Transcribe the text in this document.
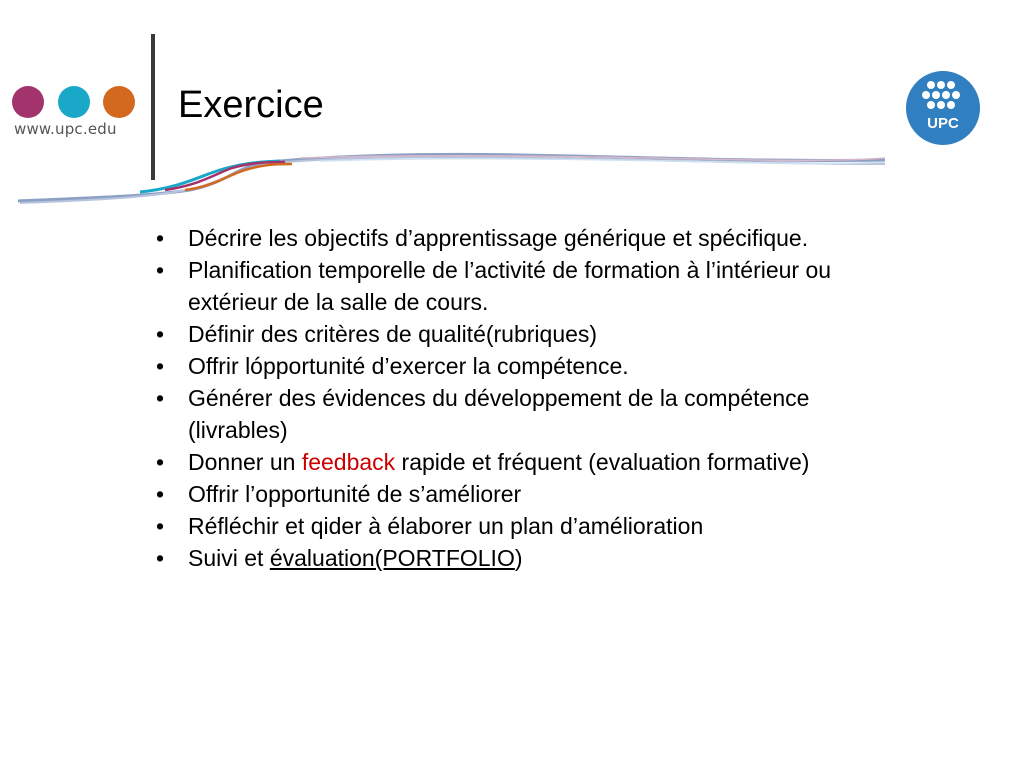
www.upc.edu
Exercice	UPC
• Décrire les objectifs d’apprentissage générique et spécifique.
• Planification temporelle de l’activité de formation à l’intérieur ou extérieur de la salle de cours.
• Définir des critères de qualité(rubriques)
• Offrir lópportunité d’exercer la compétence.
• Générer des évidences du développement de la compétence (livrables)
• Donner un feedback rapide et fréquent (evaluation formative)
• Offrir l’opportunité de s’améliorer
• Réfléchir et qider à élaborer un plan d’amélioration
• Suivi et évaluation(PORTFOLIO)
